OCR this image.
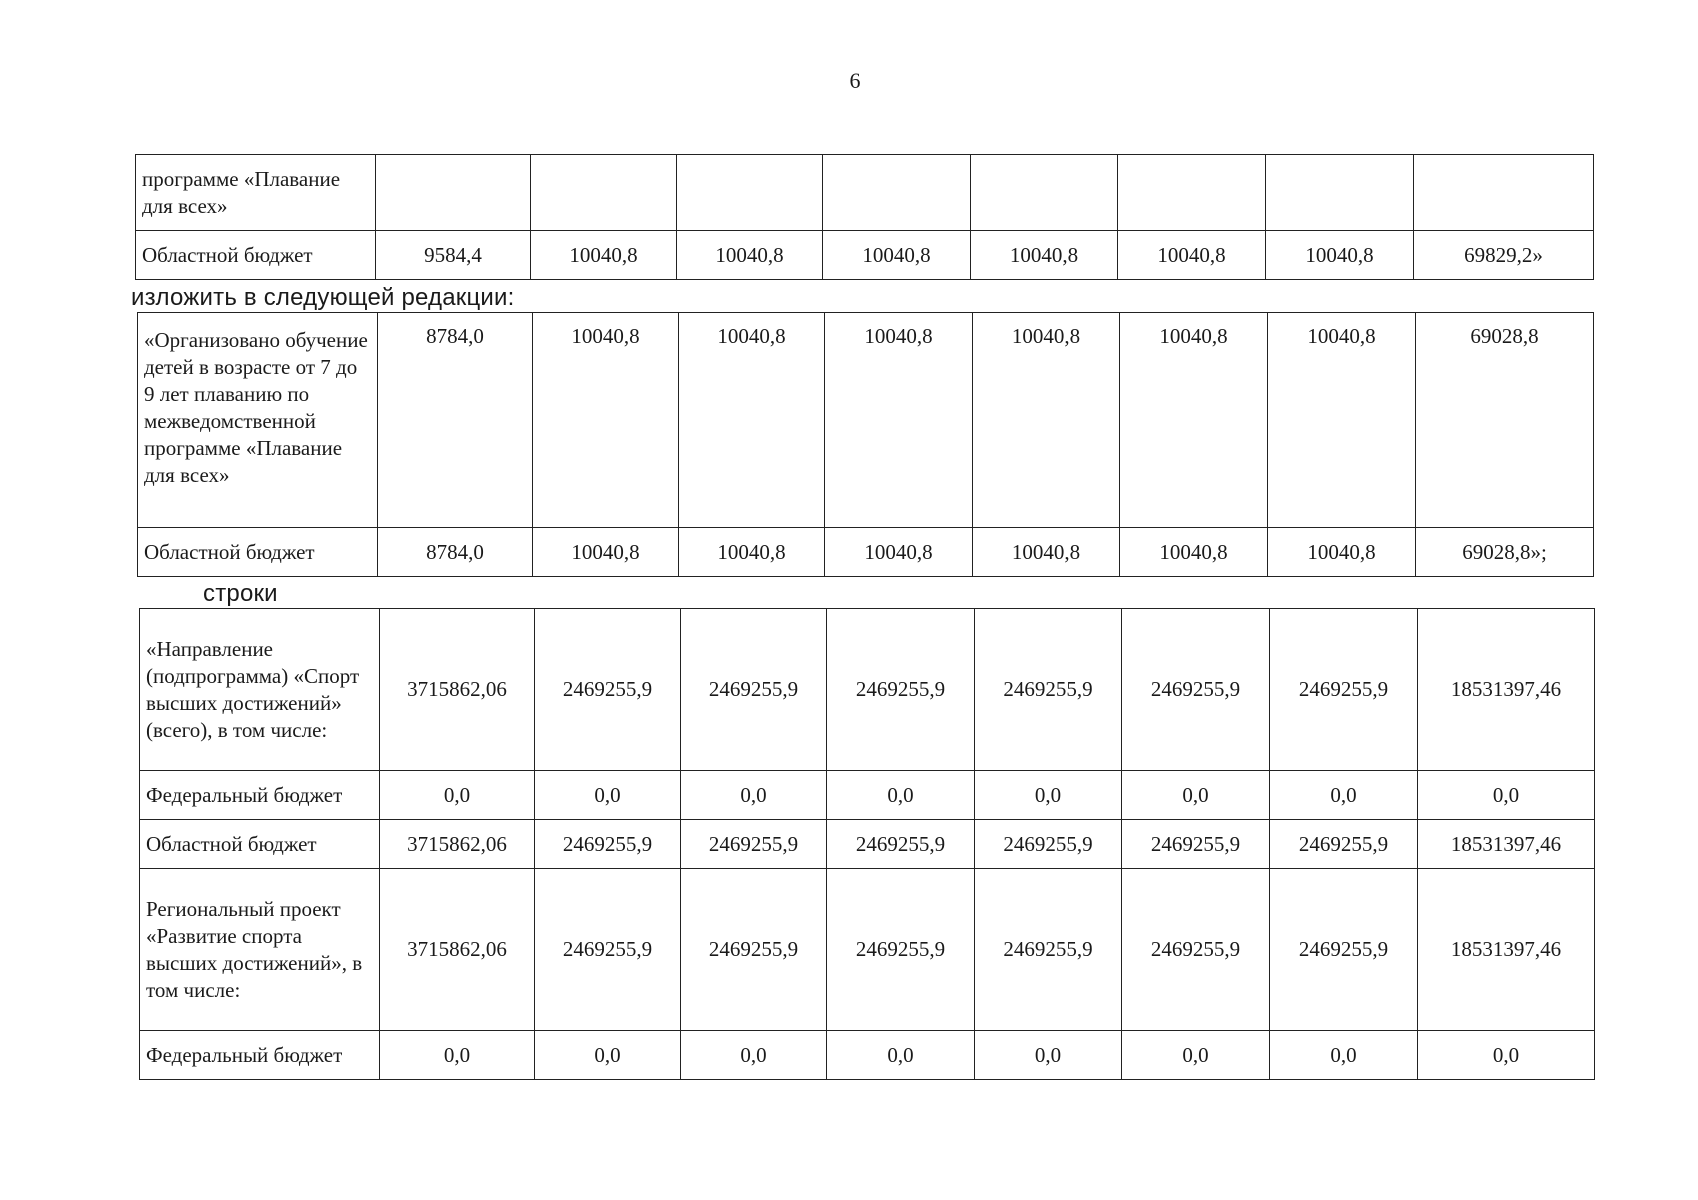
6
программе «Плавание для всех»								
Областной бюджет	9584,4	10040,8	10040,8	10040,8	10040,8	10040,8	10040,8	69829,2»
изложить в следующей редакции:
«Организовано обучение детей в возрасте от 7 до 9 лет плаванию по межведомственной программе «Плавание для всех»	8784,0	10040,8	10040,8	10040,8	10040,8	10040,8	10040,8	69028,8
Областной бюджет	8784,0	10040,8	10040,8	10040,8	10040,8	10040,8	10040,8	69028,8»;
строки
«Направление (подпрограмма) «Спорт высших достижений» (всего), в том числе:	3715862,06	2469255,9	2469255,9	2469255,9	2469255,9	2469255,9	2469255,9	18531397,46
Федеральный бюджет	0,0	0,0	0,0	0,0	0,0	0,0	0,0	0,0
Областной бюджет	3715862,06	2469255,9	2469255,9	2469255,9	2469255,9	2469255,9	2469255,9	18531397,46
Региональный проект «Развитие спорта высших достижений», в том числе:	3715862,06	2469255,9	2469255,9	2469255,9	2469255,9	2469255,9	2469255,9	18531397,46
Федеральный бюджет	0,0	0,0	0,0	0,0	0,0	0,0	0,0	0,0
